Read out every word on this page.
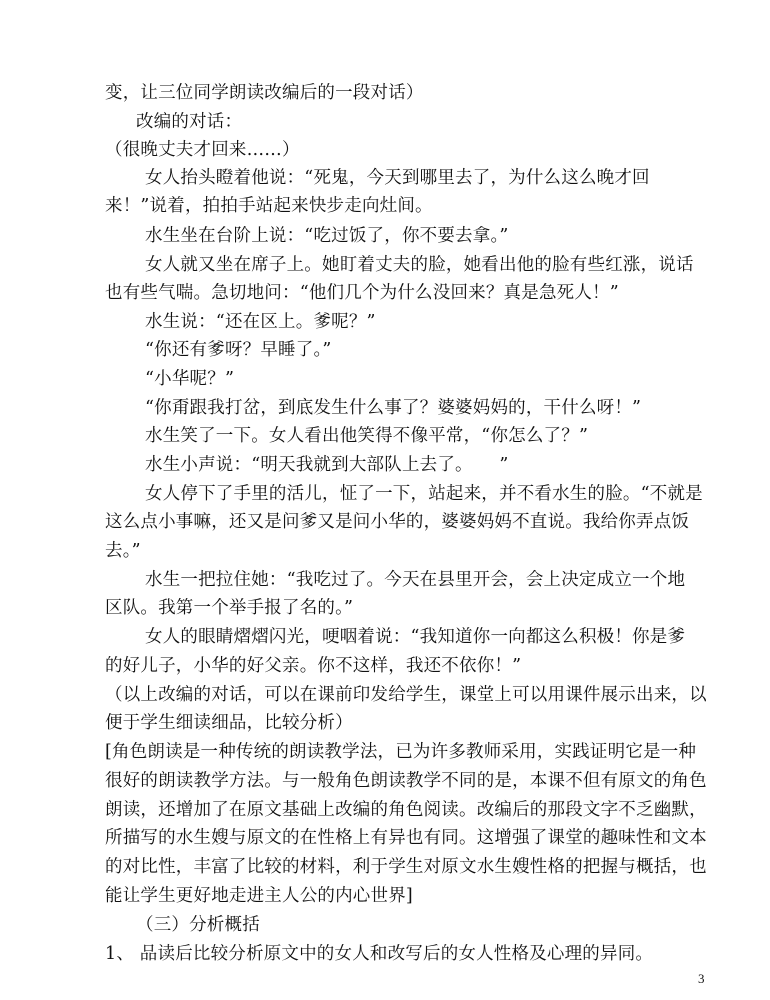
变，让三位同学朗读改编后的一段对话）
改编的对话：
（很晚丈夫才回来……）
女人抬头瞪着他说：“死鬼，今天到哪里去了，为什么这么晚才回
来！”说着，拍拍手站起来快步走向灶间。
水生坐在台阶上说：“吃过饭了，你不要去拿。”
女人就又坐在席子上。她盯着丈夫的脸，她看出他的脸有些红涨，说话
也有些气喘。急切地问：“他们几个为什么没回来？真是急死人！”
水生说：“还在区上。爹呢？”
“你还有爹呀？早睡了。”
“小华呢？”
“你甭跟我打岔，到底发生什么事了？婆婆妈妈的，干什么呀！”
水生笑了一下。女人看出他笑得不像平常，“你怎么了？”
水生小声说：“明天我就到大部队上去了。　　”
女人停下了手里的活儿，怔了一下，站起来，并不看水生的脸。“不就是
这么点小事嘛，还又是问爹又是问小华的，婆婆妈妈不直说。我给你弄点饭
去。”
水生一把拉住她：“我吃过了。今天在县里开会，会上决定成立一个地
区队。我第一个举手报了名的。”
女人的眼睛熠熠闪光，哽咽着说：“我知道你一向都这么积极！你是爹
的好儿子，小华的好父亲。你不这样，我还不依你！”
（以上改编的对话，可以在课前印发给学生，课堂上可以用课件展示出来，以
便于学生细读细品，比较分析）
[角色朗读是一种传统的朗读教学法，已为许多教师采用，实践证明它是一种
很好的朗读教学方法。与一般角色朗读教学不同的是，本课不但有原文的角色
朗读，还增加了在原文基础上改编的角色阅读。改编后的那段文字不乏幽默，
所描写的水生嫂与原文的在性格上有异也有同。这增强了课堂的趣味性和文本
的对比性，丰富了比较的材料，利于学生对原文水生嫂性格的把握与概括，也
能让学生更好地走进主人公的内心世界]
（三）分析概括
1、 品读后比较分析原文中的女人和改写后的女人性格及心理的异同。
3
